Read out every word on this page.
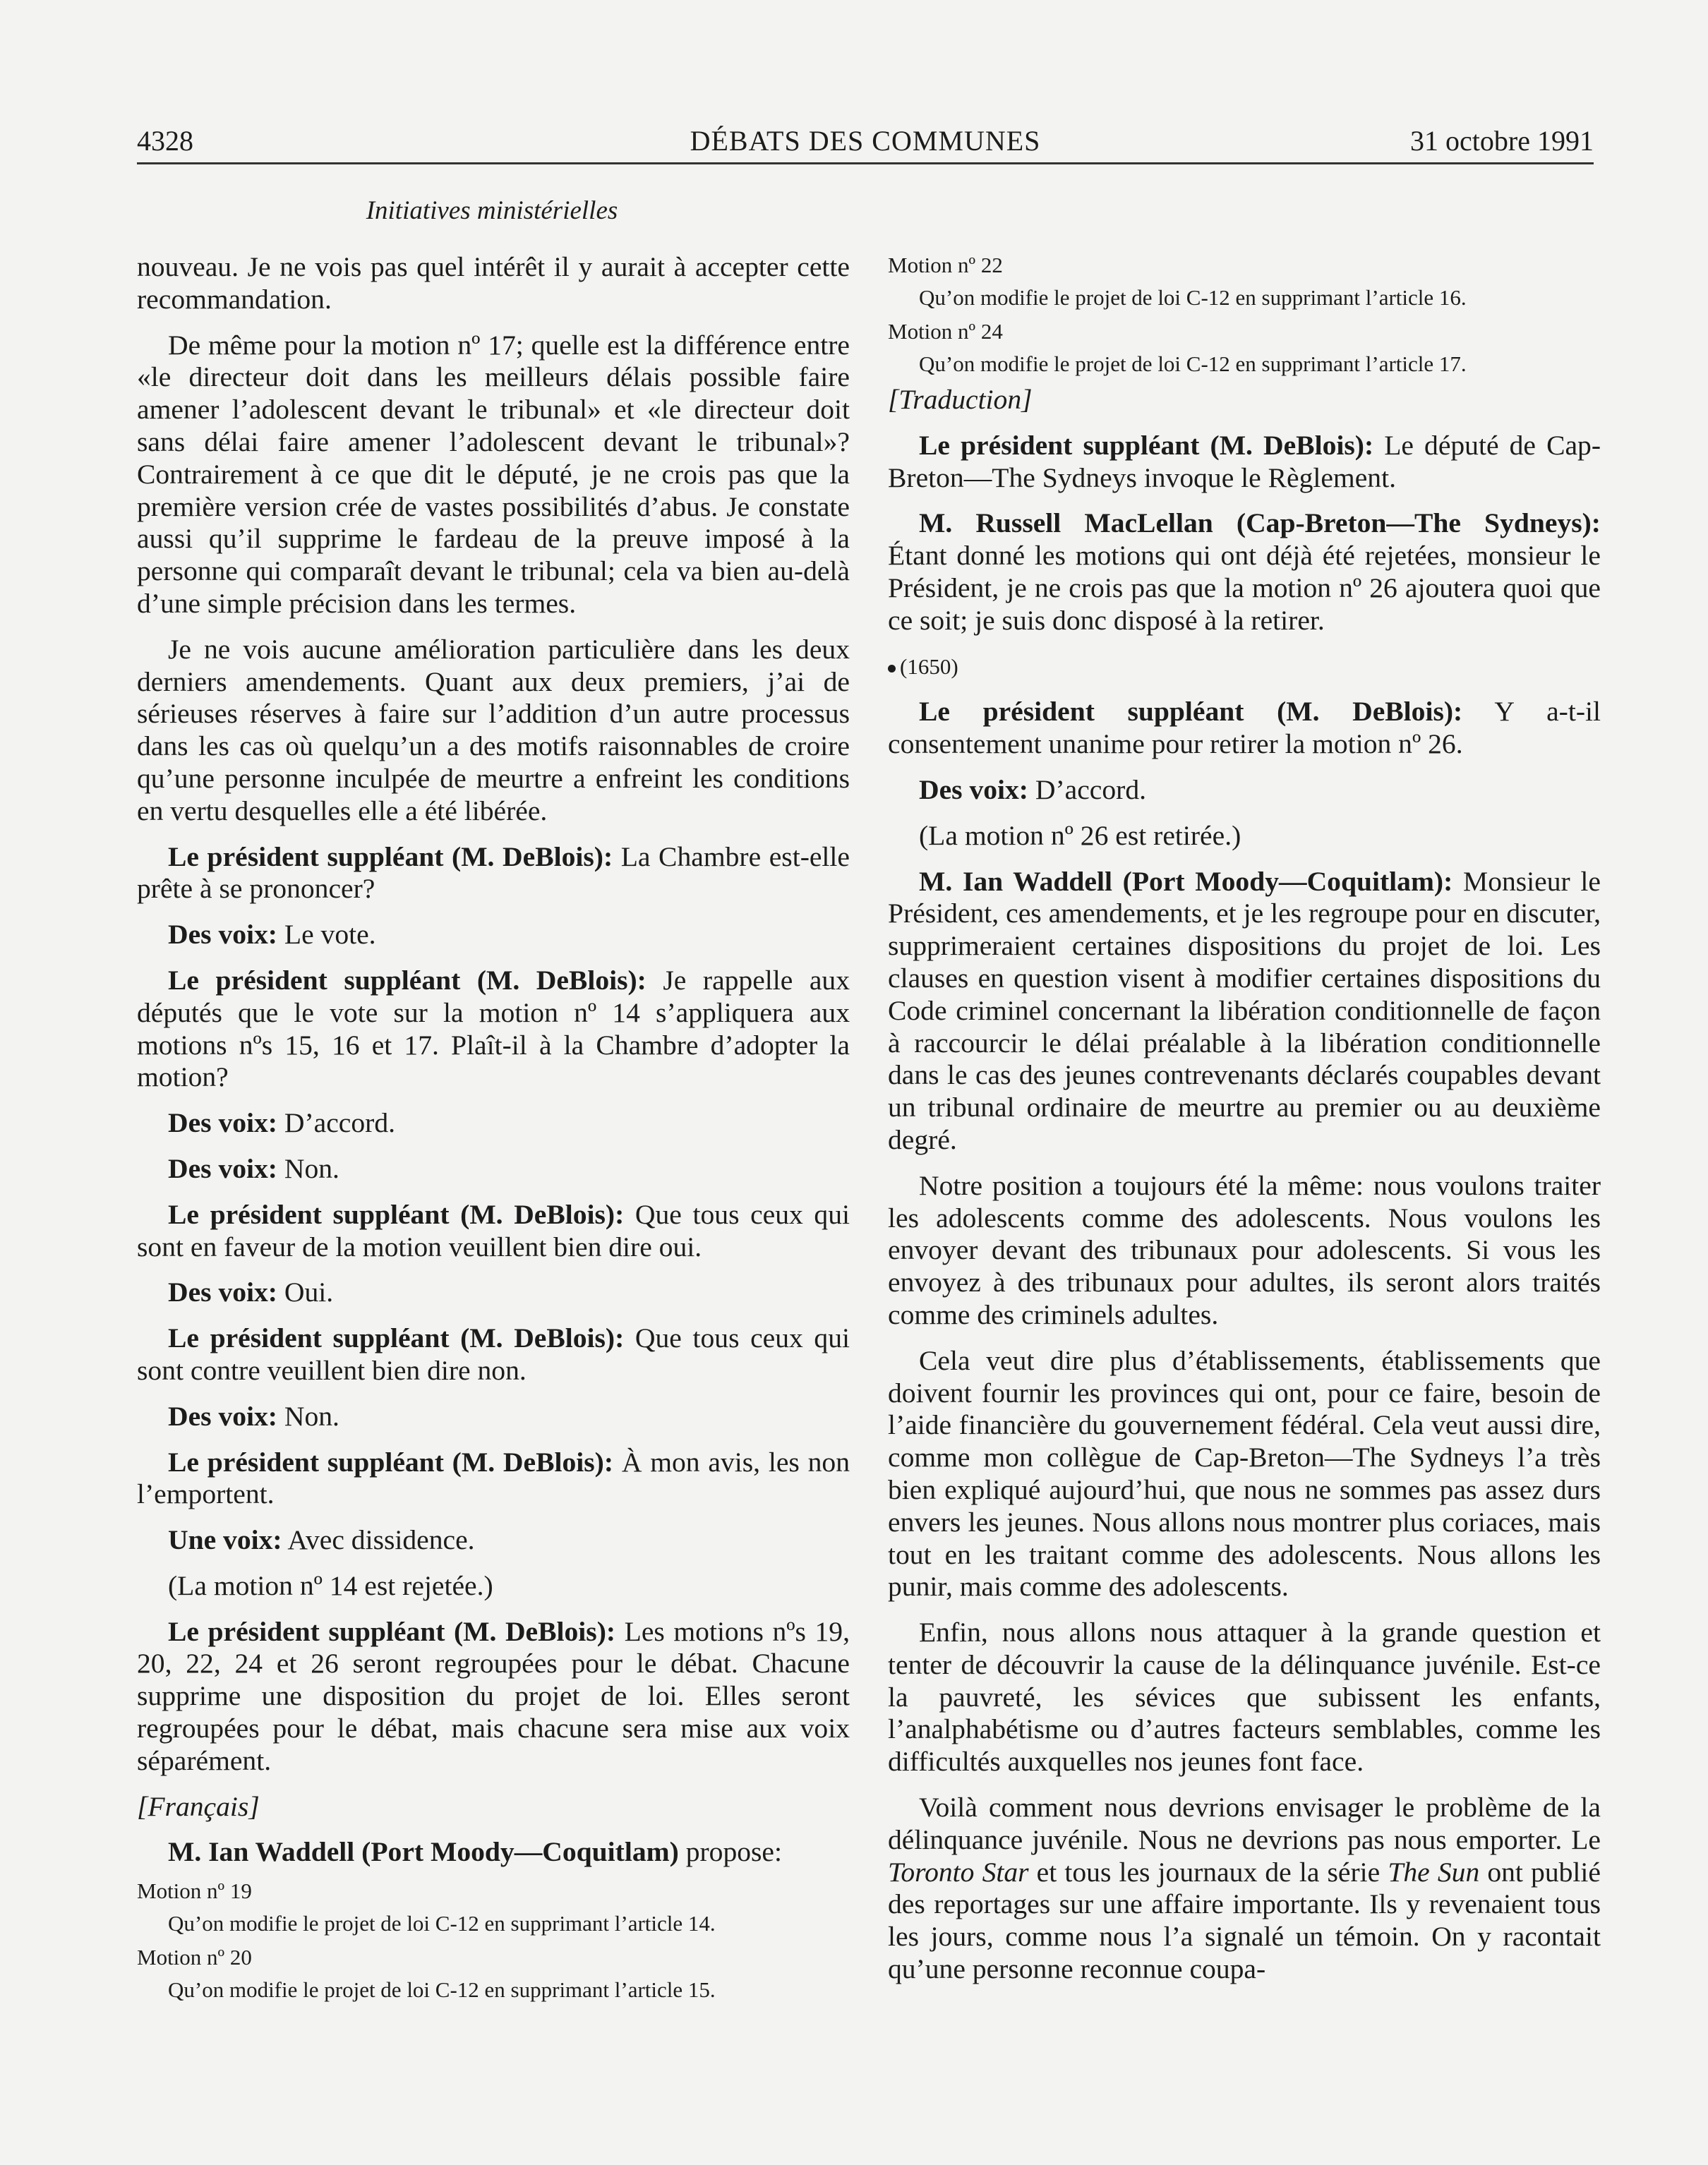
4328	DÉBATS DES COMMUNES	31 octobre 1991
Initiatives ministérielles

nouveau. Je ne vois pas quel intérêt il y aurait à accepter cette recommandation.

De même pour la motion nº 17; quelle est la différence entre «le directeur doit dans les meilleurs délais possible faire amener l’adolescent devant le tribunal» et «le directeur doit sans délai faire amener l’adolescent devant le tribunal»? Contrairement à ce que dit le député, je ne crois pas que la première version crée de vastes possibilités d’abus. Je constate aussi qu’il supprime le fardeau de la preuve imposé à la personne qui comparaît devant le tribunal; cela va bien au-delà d’une simple précision dans les termes.

Je ne vois aucune amélioration particulière dans les deux derniers amendements. Quant aux deux premiers, j’ai de sérieuses réserves à faire sur l’addition d’un autre processus dans les cas où quelqu’un a des motifs raisonnables de croire qu’une personne inculpée de meurtre a enfreint les conditions en vertu desquelles elle a été libérée.

Le président suppléant (M. DeBlois): La Chambre est-elle prête à se prononcer?

Des voix: Le vote.

Le président suppléant (M. DeBlois): Je rappelle aux députés que le vote sur la motion nº 14 s’appliquera aux motions nºs 15, 16 et 17. Plaît-il à la Chambre d’adopter la motion?

Des voix: D’accord.

Des voix: Non.

Le président suppléant (M. DeBlois): Que tous ceux qui sont en faveur de la motion veuillent bien dire oui.

Des voix: Oui.

Le président suppléant (M. DeBlois): Que tous ceux qui sont contre veuillent bien dire non.

Des voix: Non.

Le président suppléant (M. DeBlois): À mon avis, les non l’emportent.

Une voix: Avec dissidence.

(La motion nº 14 est rejetée.)

Le président suppléant (M. DeBlois): Les motions nºs 19, 20, 22, 24 et 26 seront regroupées pour le débat. Chacune supprime une disposition du projet de loi. Elles seront regroupées pour le débat, mais chacune sera mise aux voix séparément.

[Français]

M. Ian Waddell (Port Moody—Coquitlam) propose:

Motion nº 19
Qu’on modifie le projet de loi C-12 en supprimant l’article 14.
Motion nº 20
Qu’on modifie le projet de loi C-12 en supprimant l’article 15.
Motion nº 22
Qu’on modifie le projet de loi C-12 en supprimant l’article 16.
Motion nº 24
Qu’on modifie le projet de loi C-12 en supprimant l’article 17.

[Traduction]

Le président suppléant (M. DeBlois): Le député de Cap-Breton—The Sydneys invoque le Règlement.

M. Russell MacLellan (Cap-Breton—The Sydneys): Étant donné les motions qui ont déjà été rejetées, monsieur le Président, je ne crois pas que la motion nº 26 ajoutera quoi que ce soit; je suis donc disposé à la retirer.

(1650)

Le président suppléant (M. DeBlois): Y a-t-il consentement unanime pour retirer la motion nº 26.

Des voix: D’accord.

(La motion nº 26 est retirée.)

M. Ian Waddell (Port Moody—Coquitlam): Monsieur le Président, ces amendements, et je les regroupe pour en discuter, supprimeraient certaines dispositions du projet de loi. Les clauses en question visent à modifier certaines dispositions du Code criminel concernant la libération conditionnelle de façon à raccourcir le délai préalable à la libération conditionnelle dans le cas des jeunes contrevenants déclarés coupables devant un tribunal ordinaire de meurtre au premier ou au deuxième degré.

Notre position a toujours été la même: nous voulons traiter les adolescents comme des adolescents. Nous voulons les envoyer devant des tribunaux pour adolescents. Si vous les envoyez à des tribunaux pour adultes, ils seront alors traités comme des criminels adultes.

Cela veut dire plus d’établissements, établissements que doivent fournir les provinces qui ont, pour ce faire, besoin de l’aide financière du gouvernement fédéral. Cela veut aussi dire, comme mon collègue de Cap-Breton—The Sydneys l’a très bien expliqué aujourd’hui, que nous ne sommes pas assez durs envers les jeunes. Nous allons nous montrer plus coriaces, mais tout en les traitant comme des adolescents. Nous allons les punir, mais comme des adolescents.

Enfin, nous allons nous attaquer à la grande question et tenter de découvrir la cause de la délinquance juvénile. Est-ce la pauvreté, les sévices que subissent les enfants, l’analphabétisme ou d’autres facteurs semblables, comme les difficultés auxquelles nos jeunes font face.

Voilà comment nous devrions envisager le problème de la délinquance juvénile. Nous ne devrions pas nous emporter. Le Toronto Star et tous les journaux de la série The Sun ont publié des reportages sur une affaire importante. Ils y revenaient tous les jours, comme nous l’a signalé un témoin. On y racontait qu’une personne reconnue coupa-
